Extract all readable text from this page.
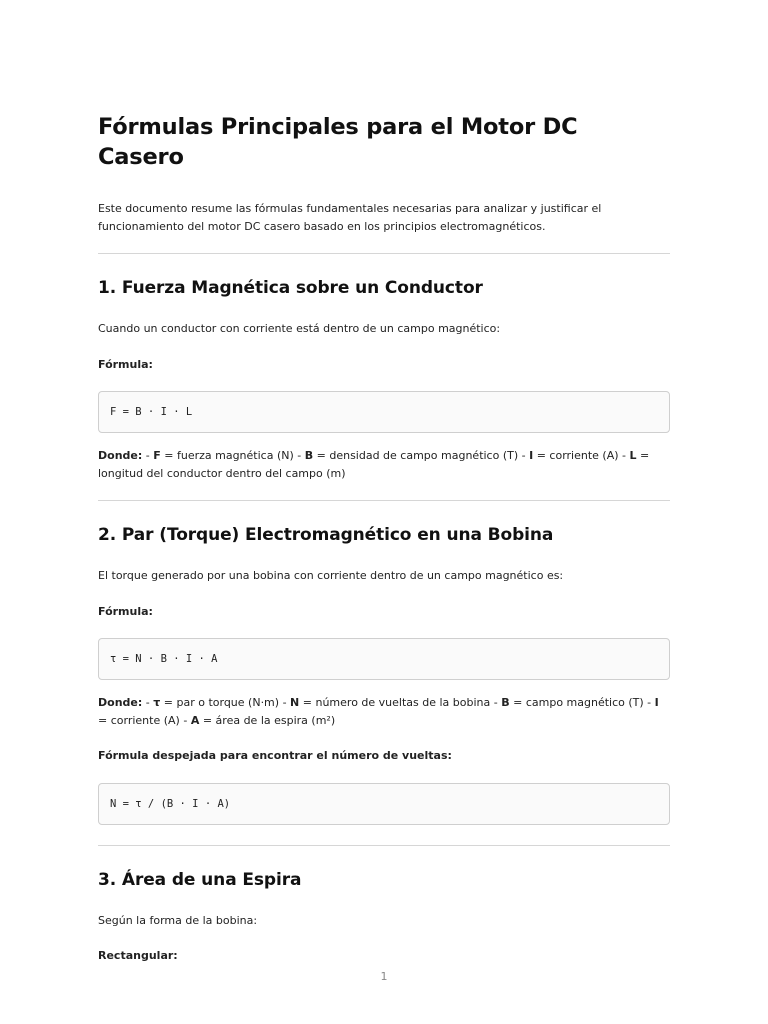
Fórmulas Principales para el Motor DC Casero

Este documento resume las fórmulas fundamentales necesarias para analizar y justificar el funcionamiento del motor DC casero basado en los principios electromagnéticos.

1. Fuerza Magnética sobre un Conductor

Cuando un conductor con corriente está dentro de un campo magnético:

Fórmula:

F = B · I · L

Donde: - F = fuerza magnética (N) - B = densidad de campo magnético (T) - I = corriente (A) - L = longitud del conductor dentro del campo (m)

2. Par (Torque) Electromagnético en una Bobina

El torque generado por una bobina con corriente dentro de un campo magnético es:

Fórmula:

τ = N · B · I · A

Donde: - τ = par o torque (N·m) - N = número de vueltas de la bobina - B = campo magnético (T) - I = corriente (A) - A = área de la espira (m²)

Fórmula despejada para encontrar el número de vueltas:

N = τ / (B · I · A)
3. Área de una Espira

Según la forma de la bobina:

Rectangular:

1
